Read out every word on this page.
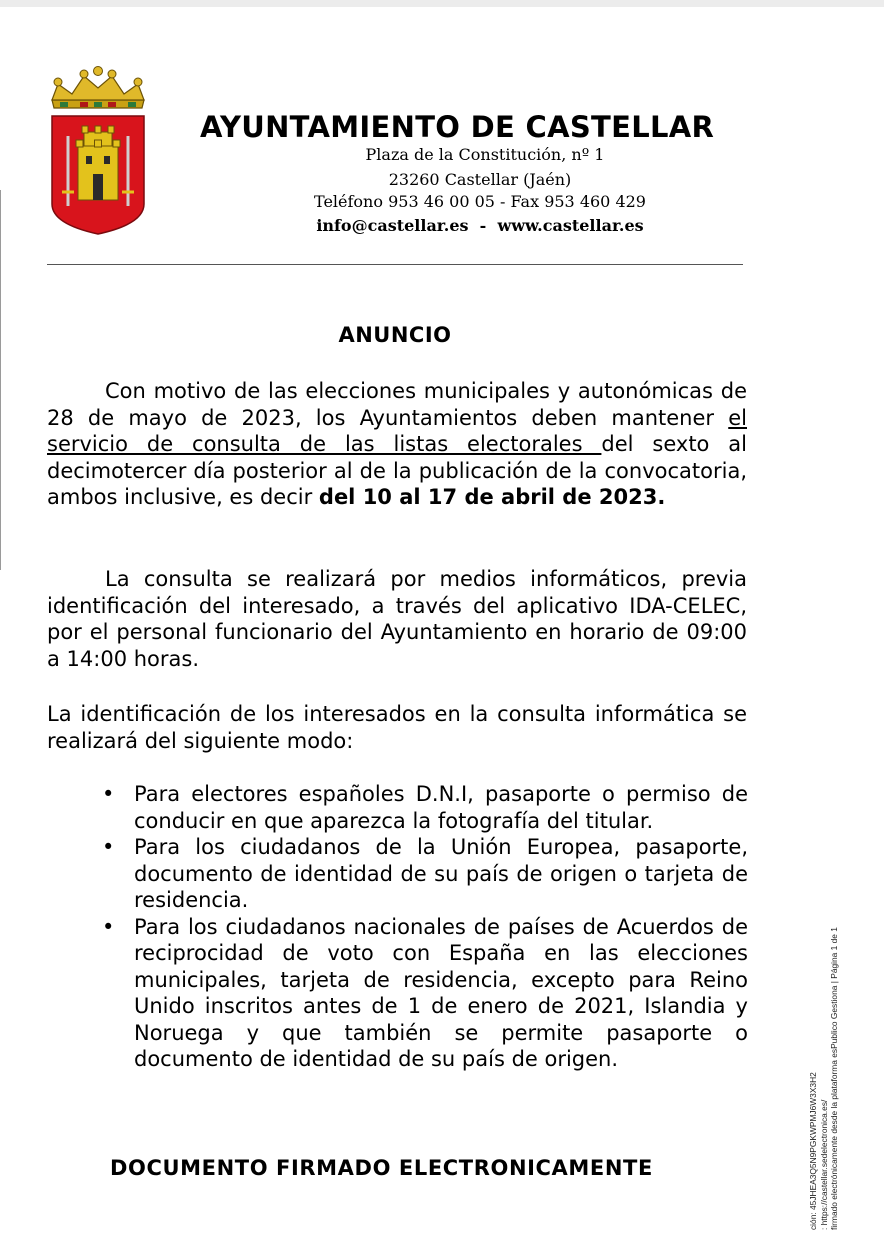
AYUNTAMIENTO DE CASTELLAR
Plaza de la Constitución, nº 1
23260 Castellar (Jaén)
Teléfono 953 46 00 05 - Fax 953 460 429
info@castellar.es  -  www.castellar.es
ANUNCIO
Con motivo de las elecciones municipales y autonómicas de 28 de mayo de 2023, los Ayuntamientos deben mantener el servicio de consulta de las listas electorales del sexto al decimotercer día posterior al de la publicación de la convocatoria, ambos inclusive, es decir del 10 al 17 de abril de 2023.
La consulta se realizará por medios informáticos, previa identificación del interesado, a través del aplicativo IDA-CELEC, por el personal funcionario del Ayuntamiento en horario de 09:00 a 14:00 horas.
La identificación de los interesados en la consulta informática se realizará del siguiente modo:
• Para electores españoles D.N.I, pasaporte o permiso de conducir en que aparezca la fotografía del titular.
• Para los ciudadanos de la Unión Europea, pasaporte, documento de identidad de su país de origen o tarjeta de residencia.
• Para los ciudadanos nacionales de países de Acuerdos de reciprocidad de voto con España en las elecciones municipales, tarjeta de residencia, excepto para Reino Unido inscritos antes de 1 de enero de 2021, Islandia y Noruega y que también se permite pasaporte o documento de identidad de su país de origen.
DOCUMENTO FIRMADO ELECTRONICAMENTE	ción: 45JHEA3Q5N9PGKWPMJ6W3X3H2 : https://castellar.sedelectronica.es/ firmado electrónicamente desde la plataforma esPublico Gestiona | Página 1 de 1
